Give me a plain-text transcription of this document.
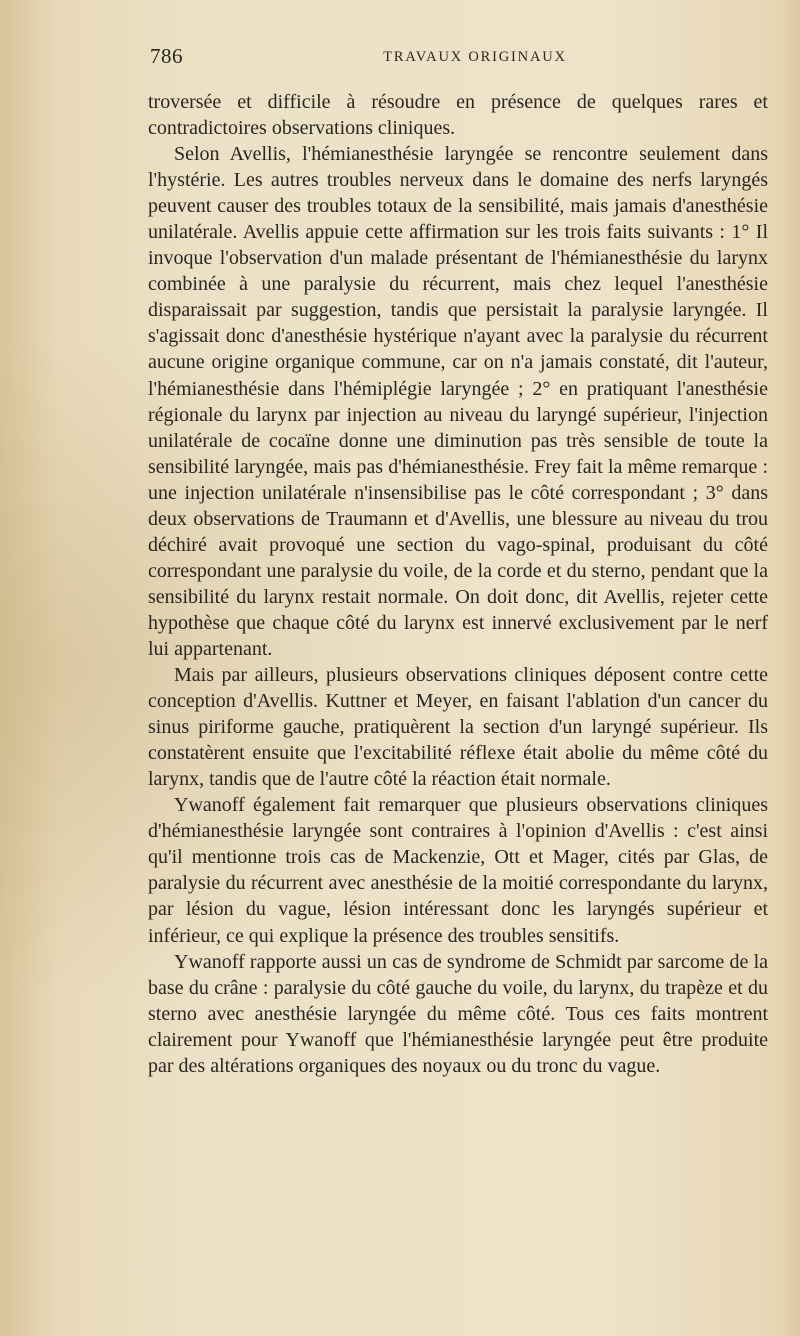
786	TRAVAUX ORIGINAUX

troversée et difficile à résoudre en présence de quelques rares et contradictoires observations cliniques.

Selon Avellis, l'hémianesthésie laryngée se rencontre seulement dans l'hystérie. Les autres troubles nerveux dans le domaine des nerfs laryngés peuvent causer des troubles totaux de la sensibilité, mais jamais d'anesthésie unilatérale. Avellis appuie cette affirmation sur les trois faits suivants : 1° Il invoque l'observation d'un malade présentant de l'hémianesthésie du larynx combinée à une paralysie du récurrent, mais chez lequel l'anesthésie disparaissait par suggestion, tandis que persistait la paralysie laryngée. Il s'agissait donc d'anesthésie hystérique n'ayant avec la paralysie du récurrent aucune origine organique commune, car on n'a jamais constaté, dit l'auteur, l'hémianesthésie dans l'hémiplégie laryngée ; 2° en pratiquant l'anesthésie régionale du larynx par injection au niveau du laryngé supérieur, l'injection unilatérale de cocaïne donne une diminution pas très sensible de toute la sensibilité laryngée, mais pas d'hémianesthésie. Frey fait la même remarque : une injection unilatérale n'insensibilise pas le côté correspondant ; 3° dans deux observations de Traumann et d'Avellis, une blessure au niveau du trou déchiré avait provoqué une section du vago-spinal, produisant du côté correspondant une paralysie du voile, de la corde et du sterno, pendant que la sensibilité du larynx restait normale. On doit donc, dit Avellis, rejeter cette hypothèse que chaque côté du larynx est innervé exclusivement par le nerf lui appartenant.

Mais par ailleurs, plusieurs observations cliniques déposent contre cette conception d'Avellis. Kuttner et Meyer, en faisant l'ablation d'un cancer du sinus piriforme gauche, pratiquèrent la section d'un laryngé supérieur. Ils constatèrent ensuite que l'excitabilité réflexe était abolie du même côté du larynx, tandis que de l'autre côté la réaction était normale.

Ywanoff également fait remarquer que plusieurs observations cliniques d'hémianesthésie laryngée sont contraires à l'opinion d'Avellis : c'est ainsi qu'il mentionne trois cas de Mackenzie, Ott et Mager, cités par Glas, de paralysie du récurrent avec anesthésie de la moitié correspondante du larynx, par lésion du vague, lésion intéressant donc les laryngés supérieur et inférieur, ce qui explique la présence des troubles sensitifs.

Ywanoff rapporte aussi un cas de syndrome de Schmidt par sarcome de la base du crâne : paralysie du côté gauche du voile, du larynx, du trapèze et du sterno avec anesthésie laryngée du même côté. Tous ces faits montrent clairement pour Ywanoff que l'hémianesthésie laryngée peut être produite par des altérations organiques des noyaux ou du tronc du vague.
